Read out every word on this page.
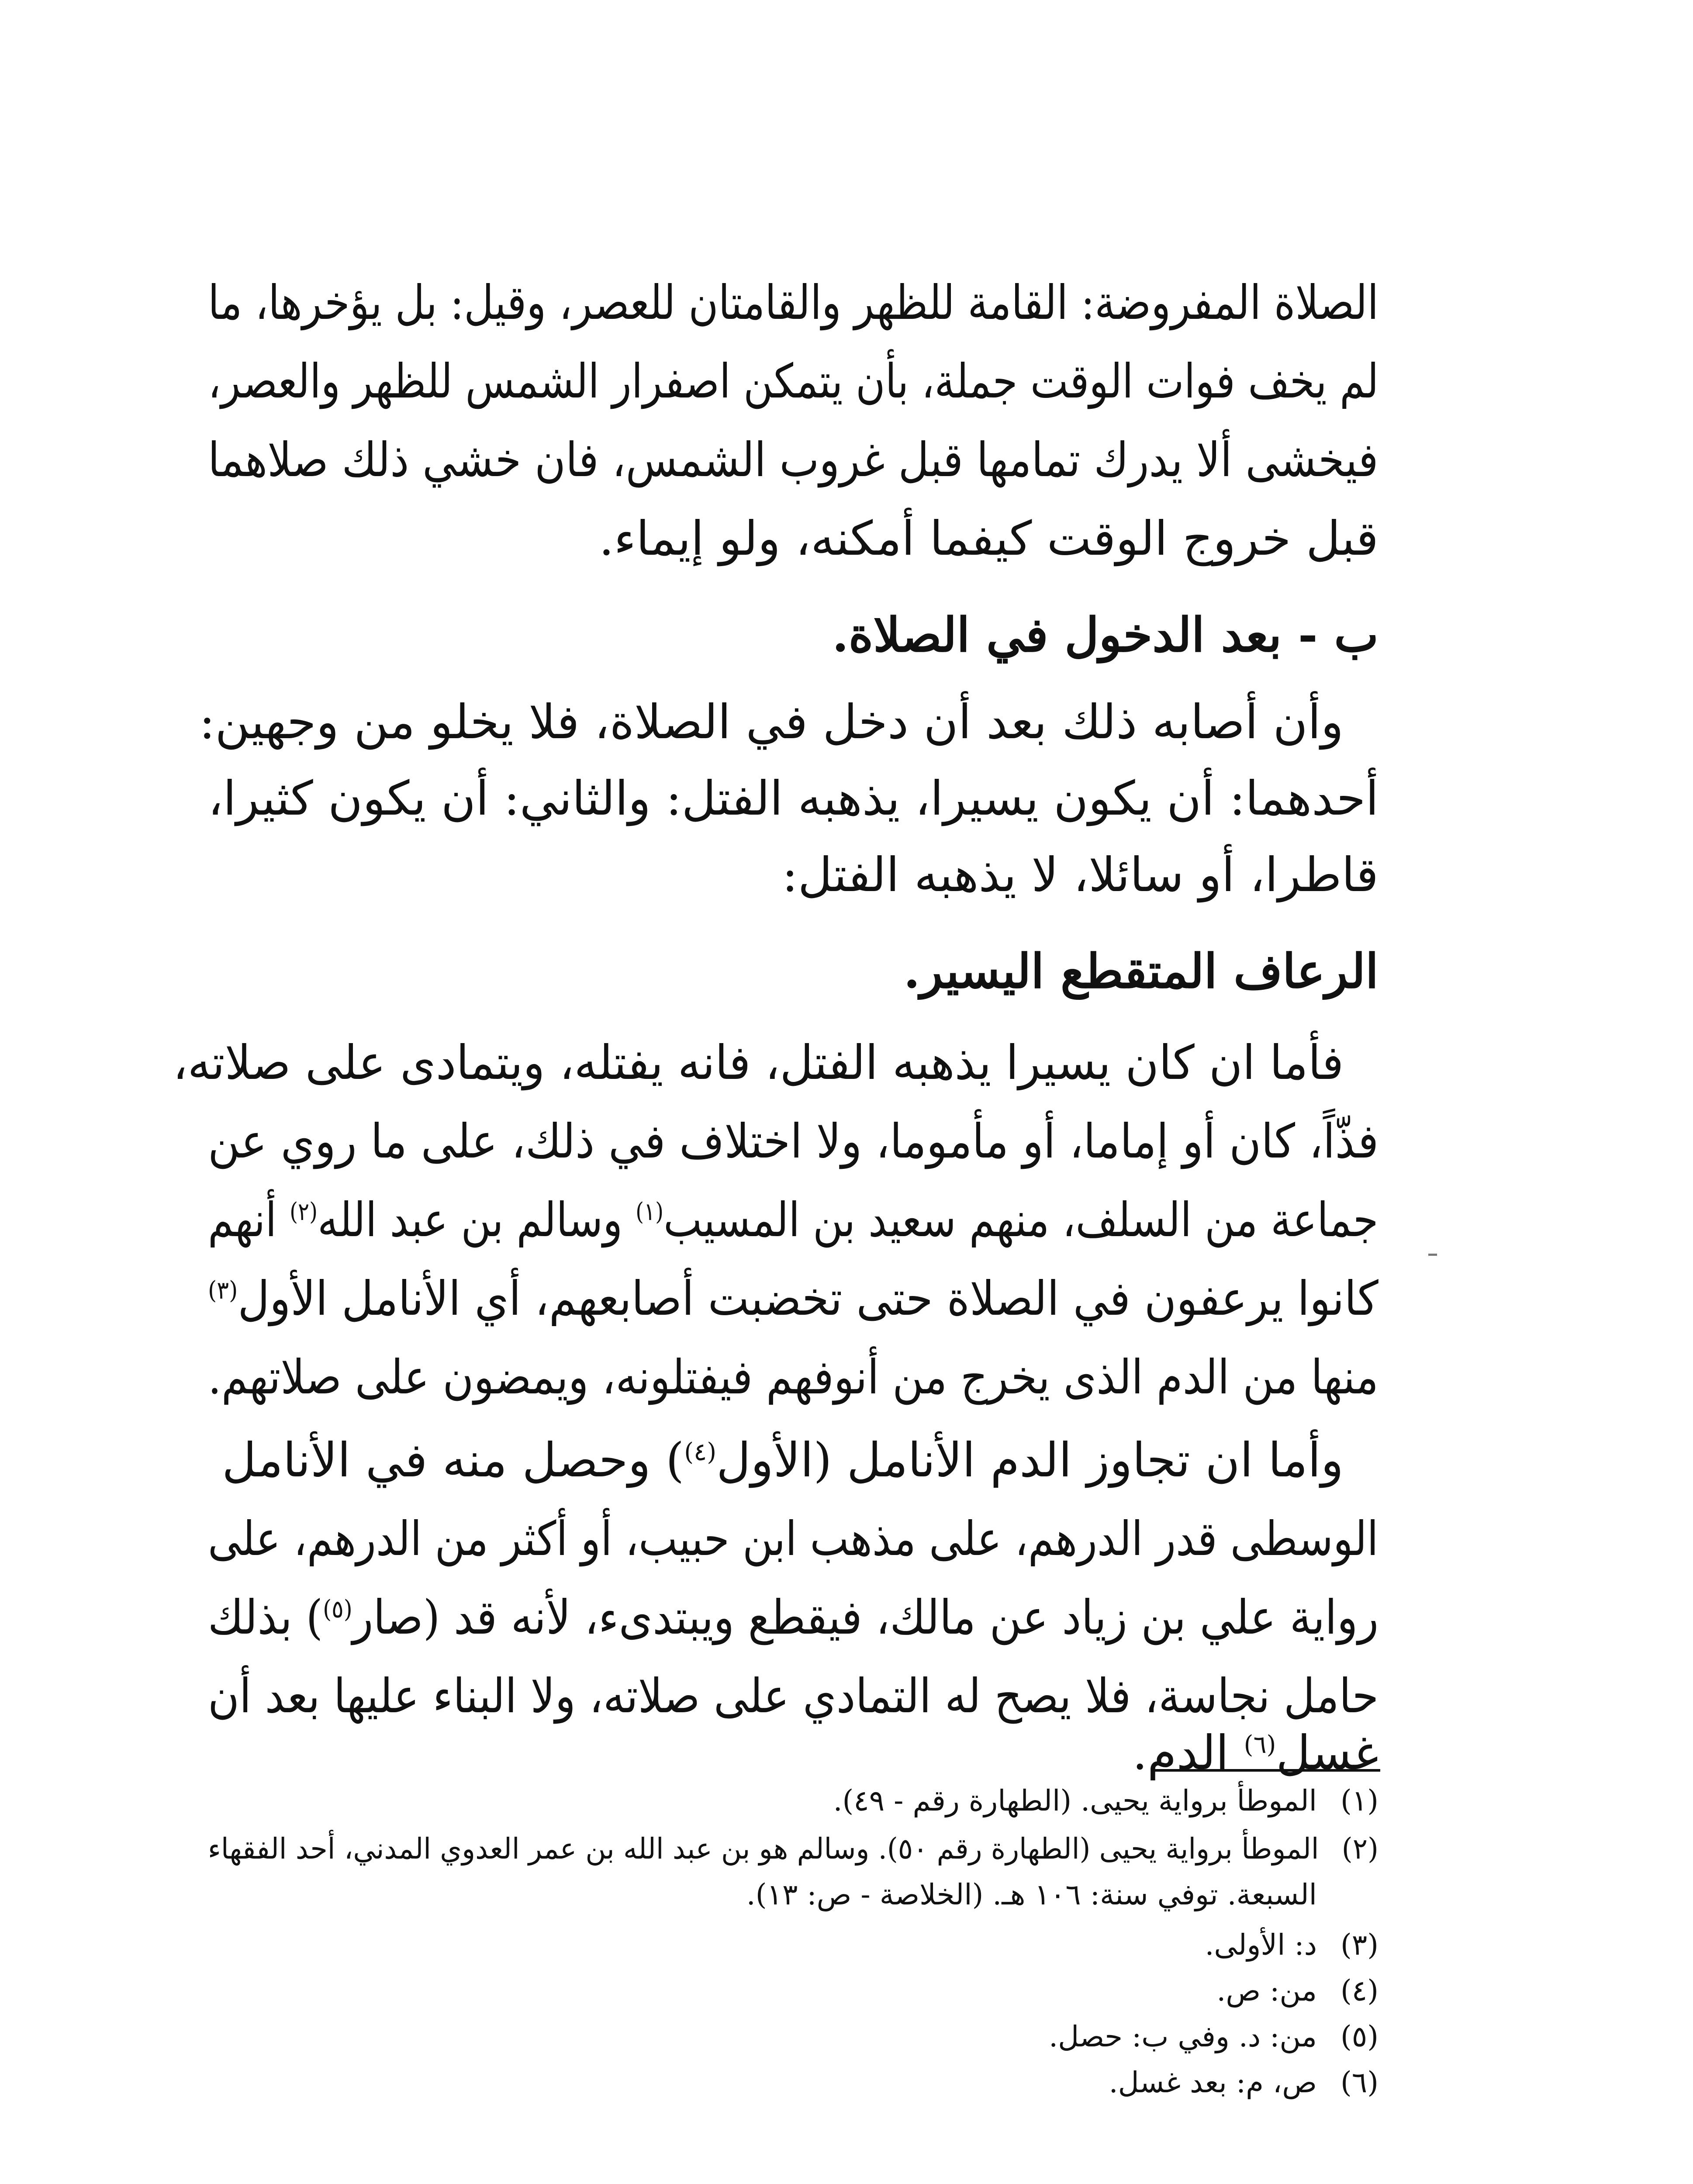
الصلاة المفروضة: القامة للظهر والقامتان للعصر، وقيل: بل يؤخرها، ما
لم يخف فوات الوقت جملة، بأن يتمكن اصفرار الشمس للظهر والعصر،
فيخشى ألا يدرك تمامها قبل غروب الشمس، فان خشي ذلك صلاهما
قبل خروج الوقت كيفما أمكنه، ولو إيماء.
ب - بعد الدخول في الصلاة.
وأن أصابه ذلك بعد أن دخل في الصلاة، فلا يخلو من وجهين:
أحدهما: أن يكون يسيرا، يذهبه الفتل: والثاني: أن يكون كثيرا،
قاطرا، أو سائلا، لا يذهبه الفتل:
الرعاف المتقطع اليسير.
فأما ان كان يسيرا يذهبه الفتل، فانه يفتله، ويتمادى على صلاته،
فذّاً، كان أو إماما، أو مأموما، ولا اختلاف في ذلك، على ما روي عن
جماعة من السلف، منهم سعيد بن المسيب$^{(١)}$ وسالم بن عبد الله$^{(٢)}$ أنهم
كانوا يرعفون في الصلاة حتى تخضبت أصابعهم، أي الأنامل الأول$^{(٣)}$
منها من الدم الذى يخرج من أنوفهم فيفتلونه، ويمضون على صلاتهم.
وأما ان تجاوز الدم الأنامل (الأول$^{(٤)}$) وحصل منه في الأنامل
الوسطى قدر الدرهم، على مذهب ابن حبيب، أو أكثر من الدرهم، على
رواية علي بن زياد عن مالك، فيقطع ويبتدىء، لأنه قد (صار$^{(٥)}$) بذلك
حامل نجاسة، فلا يصح له التمادي على صلاته، ولا البناء عليها بعد أن
غسل$^{(٦)}$ الدم.
(١) الموطأ برواية يحيى. (الطهارة رقم - ٤٩).
(٢) الموطأ برواية يحيى (الطهارة رقم ٥٠). وسالم هو بن عبد الله بن عمر العدوي المدني، أحد الفقهاء
السبعة. توفي سنة: ١٠٦ هـ. (الخلاصة - ص: ١٣).
(٣) د: الأولى.
(٤) من: ص.
(٥) من: د. وفي ب: حصل.
(٦) ص، م: بعد غسل.
